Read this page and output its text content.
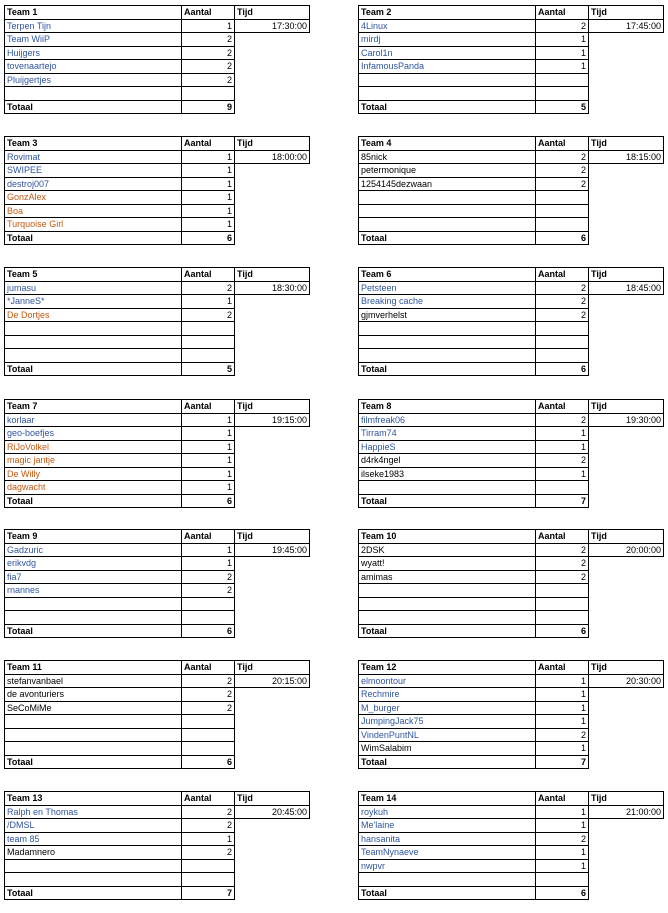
Team 1	Aantal	Tijd
Terpen Tijn	1	17:30:00
Team WiiP	2	
Huijgers	2	
tovenaartejo	2	
Pluijgertjes	2	

Totaal	9	
Team 2	Aantal	Tijd
4Linux	2	17:45:00
mirdj	1	
Carol1n	1	
InfamousPanda	1	

Totaal	5	
Team 3	Aantal	Tijd
Rovimat	1	18:00:00
SWIPEE	1	
destroj007	1	
GonzAlex	1	
Boa	1	
Turquoise Girl	1	
Totaal	6	
Team 4	Aantal	Tijd
85nick	2	18:15:00
petermonique	2	
1254145dezwaan	2	

Totaal	6	
Team 5	Aantal	Tijd
jumasu	2	18:30:00
*JanneS*	1	
De Dortjes	2	

Totaal	5	
Team 6	Aantal	Tijd
Petsteen	2	18:45:00
Breaking cache	2	
gjmverhelst	2	

Totaal	6	
Team 7	Aantal	Tijd
korlaar	1	19:15:00
geo-boefjes	1	
RiJoVolkel	1	
magic jantje	1	
De Willy	1	
dagwacht	1	
Totaal	6	
Team 8	Aantal	Tijd
filmfreak06	2	19:30:00
Tirram74	1	
HappieS	1	
d4rk4ngel	2	
ilseke1983	1	

Totaal	7	
Team 9	Aantal	Tijd
Gadzuric	1	19:45:00
erikvdg	1	
fia7	2	
rnannes	2	

Totaal	6	
Team 10	Aantal	Tijd
2DSK	2	20:00:00
wyatt!	2	
amimas	2	

Totaal	6	
Team 11	Aantal	Tijd
stefanvanbael	2	20:15:00
de avonturiers	2	
SeCoMiMe	2	

Totaal	6	
Team 12	Aantal	Tijd
elmoontour	1	20:30:00
Rechmire	1	
M_burger	1	
JumpingJack75	1	
VindenPuntNL	2	
WimSalabim	1	
Totaal	7	
Team 13	Aantal	Tijd
Ralph en Thomas	2	20:45:00
/DMSL	2	
team 85	1	
Madamnero	2	

Totaal	7	
Team 14	Aantal	Tijd
roykuh	1	21:00:00
Me'laine	1	
hansanita	2	
TeamNynaeve	1	
nwpvr	1	

Totaal	6	
